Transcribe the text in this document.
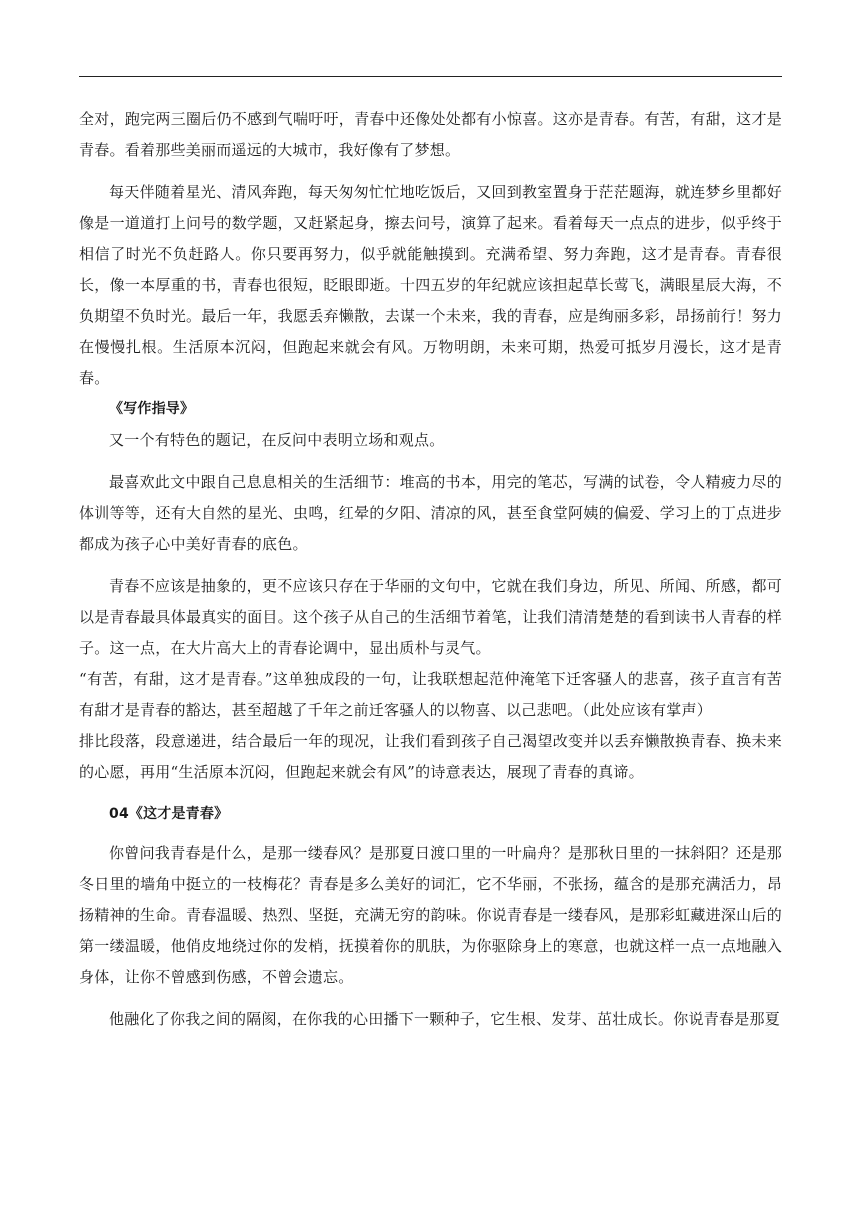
全对，跑完两三圈后仍不感到气喘吁吁，青春中还像处处都有小惊喜。这亦是青春。有苦，有甜，这才是青春。看着那些美丽而遥远的大城市，我好像有了梦想。

每天伴随着星光、清风奔跑，每天匆匆忙忙地吃饭后，又回到教室置身于茫茫题海，就连梦乡里都好像是一道道打上问号的数学题，又赶紧起身，擦去问号，演算了起来。看着每天一点点的进步，似乎终于相信了时光不负赶路人。你只要再努力，似乎就能触摸到。充满希望、努力奔跑，这才是青春。青春很长，像一本厚重的书，青春也很短，眨眼即逝。十四五岁的年纪就应该担起草长莺飞，满眼星辰大海，不负期望不负时光。最后一年，我愿丢弃懒散，去谋一个未来，我的青春，应是绚丽多彩，昂扬前行！努力在慢慢扎根。生活原本沉闷，但跑起来就会有风。万物明朗，未来可期，热爱可抵岁月漫长，这才是青春。

《写作指导》

又一个有特色的题记，在反问中表明立场和观点。

最喜欢此文中跟自己息息相关的生活细节：堆高的书本，用完的笔芯，写满的试卷，令人精疲力尽的体训等等，还有大自然的星光、虫鸣，红晕的夕阳、清凉的风，甚至食堂阿姨的偏爱、学习上的丁点进步都成为孩子心中美好青春的底色。

青春不应该是抽象的，更不应该只存在于华丽的文句中，它就在我们身边，所见、所闻、所感，都可以是青春最具体最真实的面目。这个孩子从自己的生活细节着笔，让我们清清楚楚的看到读书人青春的样子。这一点，在大片高大上的青春论调中，显出质朴与灵气。

“有苦，有甜，这才是青春。”这单独成段的一句，让我联想起范仲淹笔下迁客骚人的悲喜，孩子直言有苦有甜才是青春的豁达，甚至超越了千年之前迁客骚人的以物喜、以己悲吧。（此处应该有掌声）

排比段落，段意递进，结合最后一年的现况，让我们看到孩子自己渴望改变并以丢弃懒散换青春、换未来的心愿，再用“生活原本沉闷，但跑起来就会有风”的诗意表达，展现了青春的真谛。

04《这才是青春》

你曾问我青春是什么，是那一缕春风？是那夏日渡口里的一叶扁舟？是那秋日里的一抹斜阳？还是那冬日里的墙角中挺立的一枝梅花？青春是多么美好的词汇，它不华丽，不张扬，蕴含的是那充满活力，昂扬精神的生命。青春温暖、热烈、坚挺，充满无穷的韵味。你说青春是一缕春风，是那彩虹藏进深山后的第一缕温暖，他俏皮地绕过你的发梢，抚摸着你的肌肤，为你驱除身上的寒意，也就这样一点一点地融入身体，让你不曾感到伤感，不曾会遗忘。

他融化了你我之间的隔阂，在你我的心田播下一颗种子，它生根、发芽、茁壮成长。你说青春是那夏
